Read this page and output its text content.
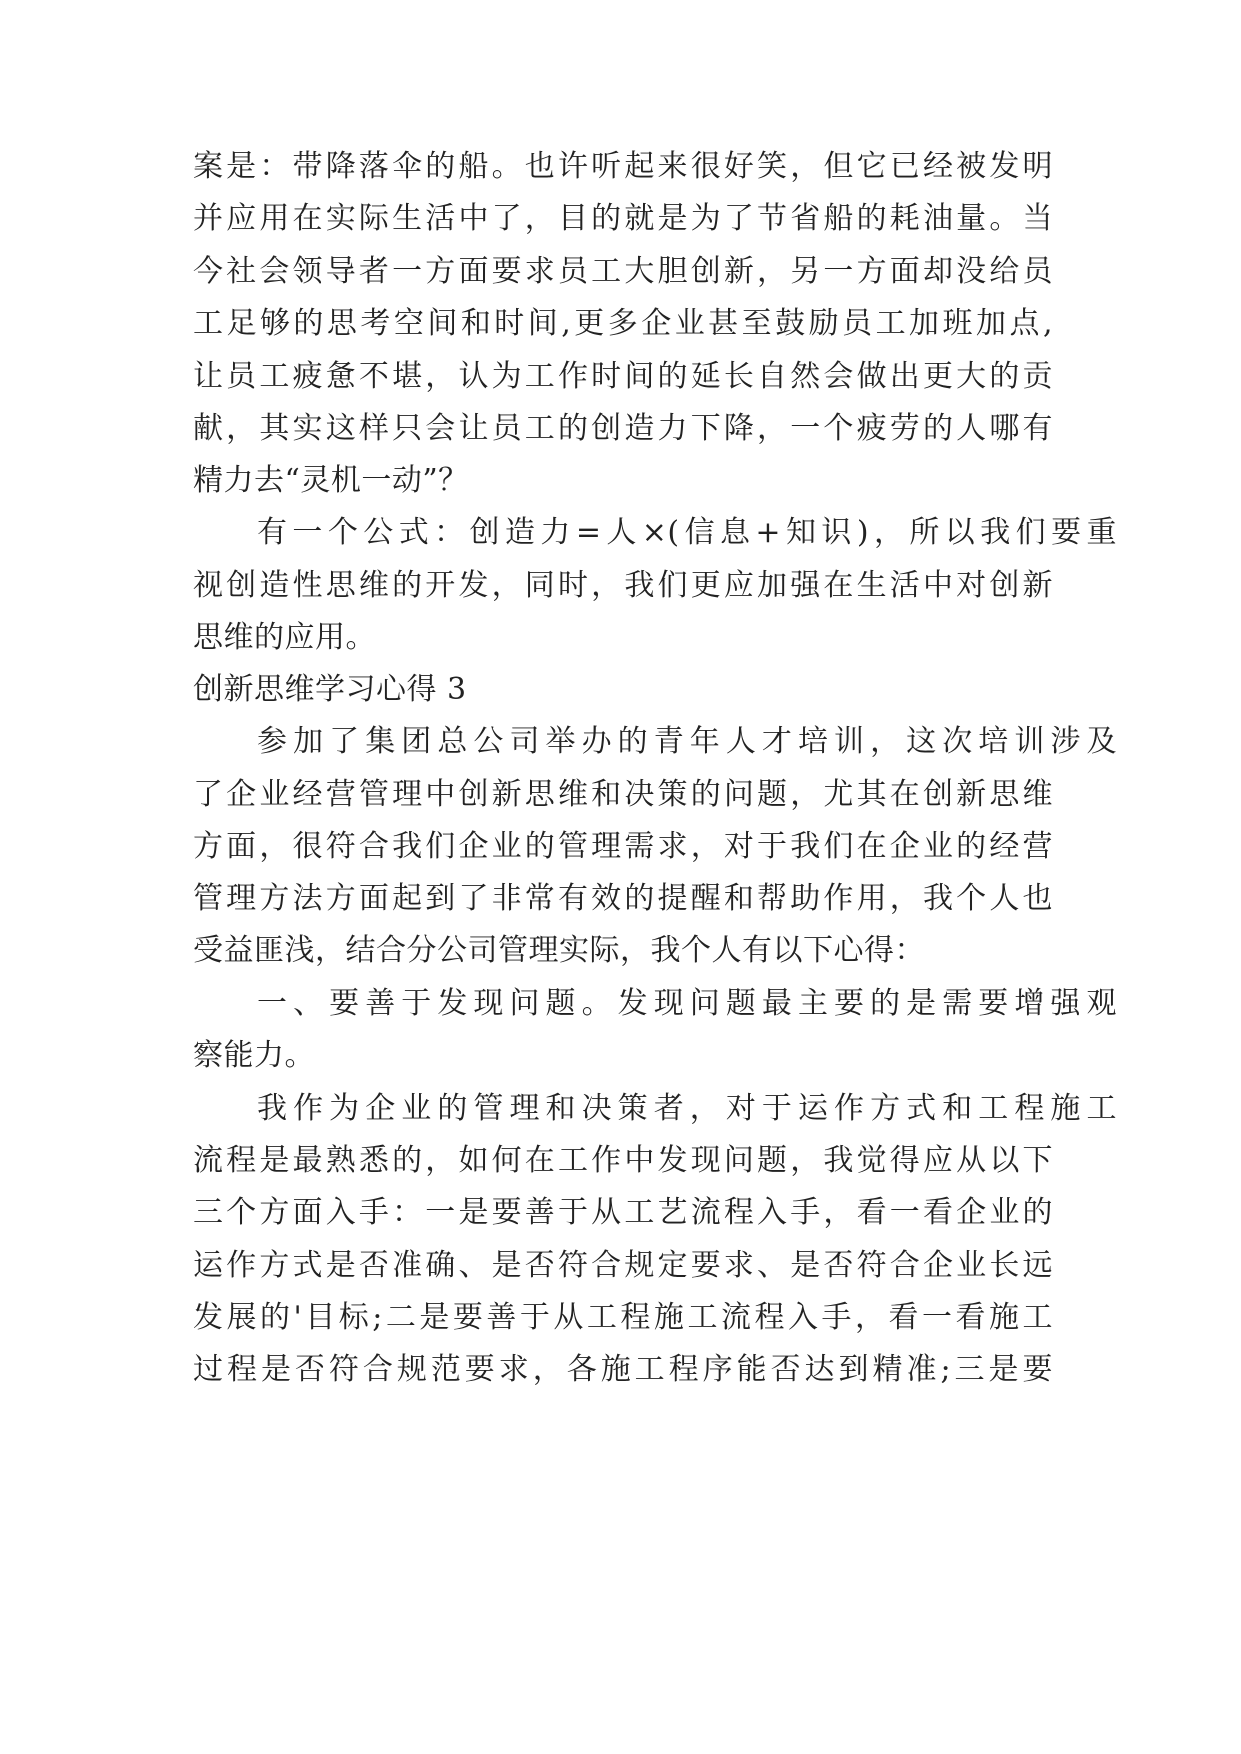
案是：带降落伞的船。也许听起来很好笑，但它已经被发明
并应用在实际生活中了，目的就是为了节省船的耗油量。当
今社会领导者一方面要求员工大胆创新，另一方面却没给员
工足够的思考空间和时间,更多企业甚至鼓励员工加班加点,
让员工疲惫不堪，认为工作时间的延长自然会做出更大的贡
献，其实这样只会让员工的创造力下降，一个疲劳的人哪有
精力去“灵机一动”？
有一个公式：创造力=人×(信息+知识)，所以我们要重
视创造性思维的开发，同时，我们更应加强在生活中对创新
思维的应用。
创新思维学习心得 3
参加了集团总公司举办的青年人才培训，这次培训涉及
了企业经营管理中创新思维和决策的问题，尤其在创新思维
方面，很符合我们企业的管理需求，对于我们在企业的经营
管理方法方面起到了非常有效的提醒和帮助作用，我个人也
受益匪浅，结合分公司管理实际，我个人有以下心得：
一、要善于发现问题。发现问题最主要的是需要增强观
察能力。
我作为企业的管理和决策者，对于运作方式和工程施工
流程是最熟悉的，如何在工作中发现问题，我觉得应从以下
三个方面入手：一是要善于从工艺流程入手，看一看企业的
运作方式是否准确、是否符合规定要求、是否符合企业长远
发展的'目标;二是要善于从工程施工流程入手，看一看施工
过程是否符合规范要求，各施工程序能否达到精准;三是要
